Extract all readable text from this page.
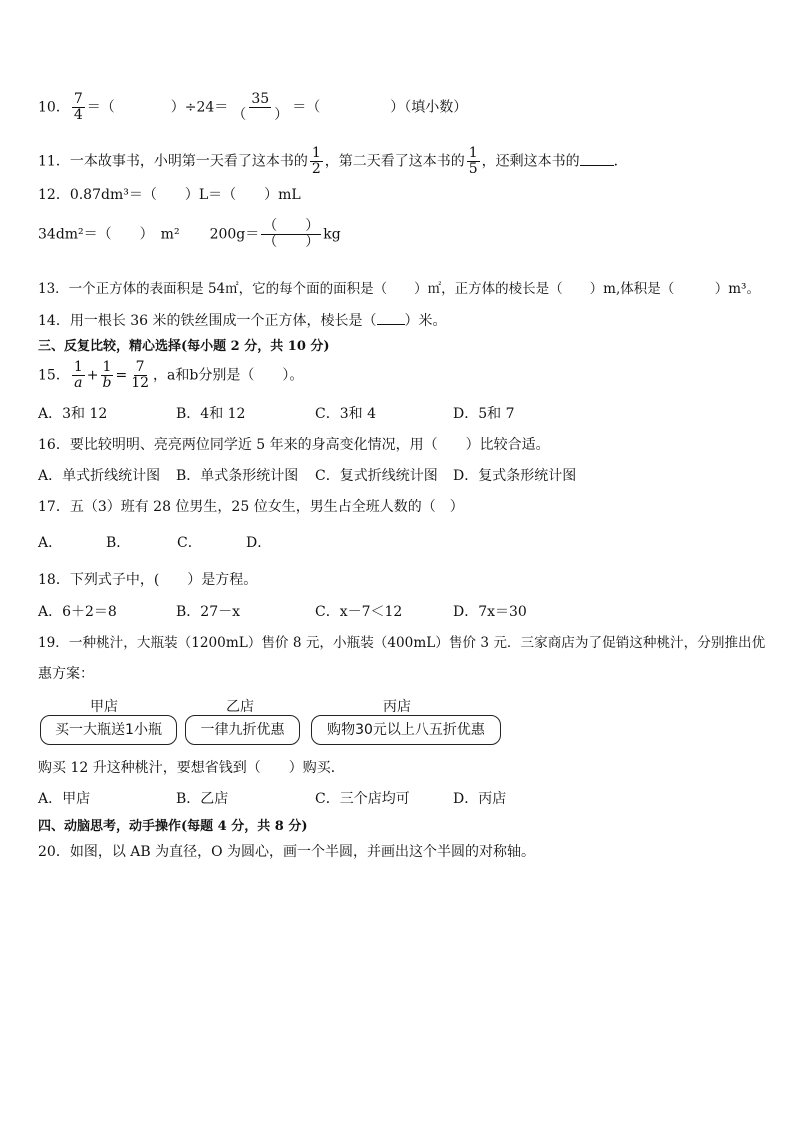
10． $\frac{7}{4}$ ＝（　　　　）$\div 24= \frac{35}{( )}$ ＝（　　　　　）（填小数）
11．一本故事书，小明第一天看了这本书的 $\frac{1}{2}$ ，第二天看了这本书的 $\frac{1}{5}$ ，还剩这本书的 ．
12．0.87dm³＝（　　）L＝（　　）mL
34dm²＝（　　）　m² $200g= \frac{( )}{( )}$ kg
13．一个正方体的表面积是 54㎡，它的每个面的面积是（　　）㎡，正方体的棱长是（　　）m,体积是（　　　）m³。
14．用一根长 36 米的铁丝围成一个正方体，棱长是（ ）米。
三、反复比较，精心选择(每小题 2 分，共 10 分)
15． $\frac{1}{a} + \frac{1}{b} = \frac{7}{12}$ ，a和b分别是（　　）。
A．3和 12	B．4和 12	C．3和 4	D．5和 7
16．要比较明明、亮亮两位同学近 5 年来的身高变化情况，用（　　）比较合适。
A．单式折线统计图 B．单式条形统计图 C．复式折线统计图 D．复式条形统计图
17．五（3）班有 28 位男生，25 位女生，男生占全班人数的（　）
A．	B．	C．	D．
18．下列式子中，(　　）是方程。
A．6＋2＝8	B．27－x	C．x－7＜12	D．7x＝30
19．一种桃汁，大瓶装（1200mL）售价 8 元，小瓶装（400mL）售价 3 元．三家商店为了促销这种桃汁，分别推出优
惠方案：
甲店	乙店	丙店
买一大瓶送1小瓶	一律九折优惠	购物30元以上八五折优惠
购买 12 升这种桃汁，要想省钱到（　　）购买．
A．甲店	B．乙店	C．三个店均可	D．丙店
四、动脑思考，动手操作(每题 4 分，共 8 分)
20．如图，以 AB 为直径，O 为圆心，画一个半圆，并画出这个半圆的对称轴。
